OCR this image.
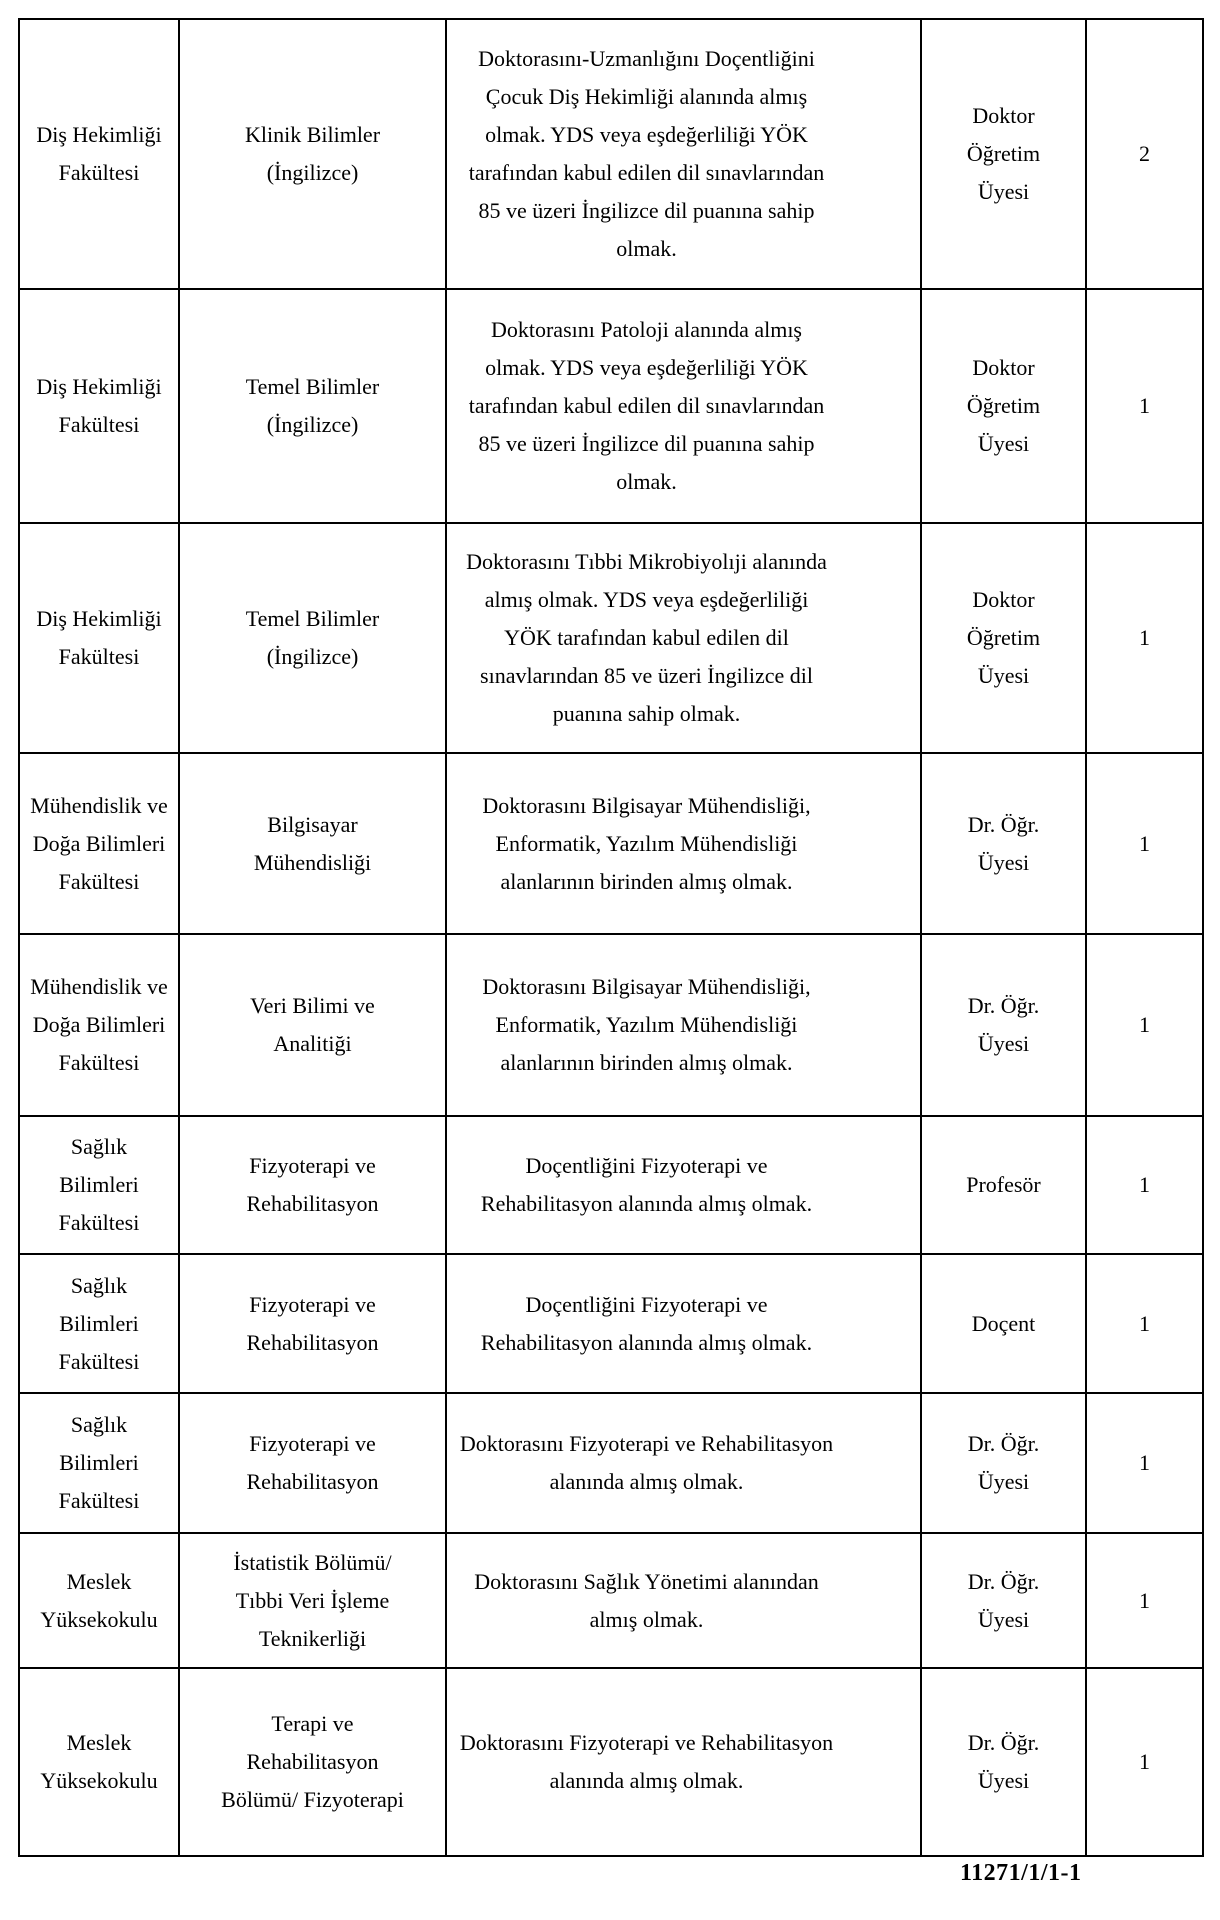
Diş Hekimliği Fakültesi	Klinik Bilimler (İngilizce)	Doktorasını-Uzmanlığını Doçentliğini Çocuk Diş Hekimliği alanında almış olmak. YDS veya eşdeğerliliği YÖK tarafından kabul edilen dil sınavlarından 85 ve üzeri İngilizce dil puanına sahip olmak.	Doktor Öğretim Üyesi	2
Diş Hekimliği Fakültesi	Temel Bilimler (İngilizce)	Doktorasını Patoloji alanında almış olmak. YDS veya eşdeğerliliği YÖK tarafından kabul edilen dil sınavlarından 85 ve üzeri İngilizce dil puanına sahip olmak.	Doktor Öğretim Üyesi	1
Diş Hekimliği Fakültesi	Temel Bilimler (İngilizce)	Doktorasını Tıbbi Mikrobiyolıji alanında almış olmak. YDS veya eşdeğerliliği YÖK tarafından kabul edilen dil sınavlarından 85 ve üzeri İngilizce dil puanına sahip olmak.	Doktor Öğretim Üyesi	1
Mühendislik ve Doğa Bilimleri Fakültesi	Bilgisayar Mühendisliği	Doktorasını Bilgisayar Mühendisliği, Enformatik, Yazılım Mühendisliği alanlarının birinden almış olmak.	Dr. Öğr. Üyesi	1
Mühendislik ve Doğa Bilimleri Fakültesi	Veri Bilimi ve Analitiği	Doktorasını Bilgisayar Mühendisliği, Enformatik, Yazılım Mühendisliği alanlarının birinden almış olmak.	Dr. Öğr. Üyesi	1
Sağlık Bilimleri Fakültesi	Fizyoterapi ve Rehabilitasyon	Doçentliğini Fizyoterapi ve Rehabilitasyon alanında almış olmak.	Profesör	1
Sağlık Bilimleri Fakültesi	Fizyoterapi ve Rehabilitasyon	Doçentliğini Fizyoterapi ve Rehabilitasyon alanında almış olmak.	Doçent	1
Sağlık Bilimleri Fakültesi	Fizyoterapi ve Rehabilitasyon	Doktorasını Fizyoterapi ve Rehabilitasyon alanında almış olmak.	Dr. Öğr. Üyesi	1
Meslek Yüksekokulu	İstatistik Bölümü/ Tıbbi Veri İşleme Teknikerliği	Doktorasını Sağlık Yönetimi alanından almış olmak.	Dr. Öğr. Üyesi	1
Meslek Yüksekokulu	Terapi ve Rehabilitasyon Bölümü/ Fizyoterapi	Doktorasını Fizyoterapi ve Rehabilitasyon alanında almış olmak.	Dr. Öğr. Üyesi	1
11271/1/1-1
